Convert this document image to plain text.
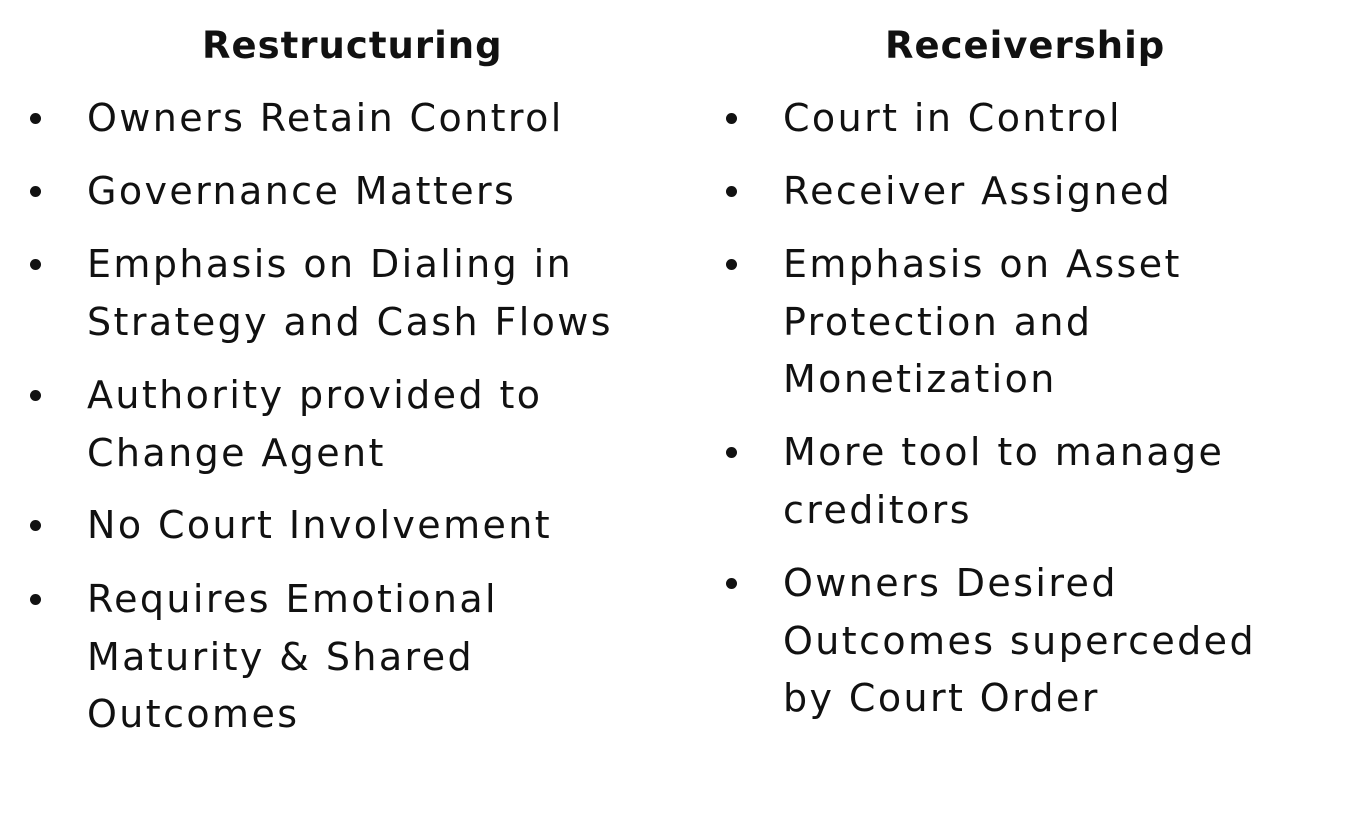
Restructuring
Owners Retain Control
Governance Matters
Emphasis on Dialing in
Strategy and Cash Flows
Authority provided to
Change Agent
No Court Involvement
Requires Emotional
Maturity & Shared
Outcomes
Receivership
Court in Control
Receiver Assigned
Emphasis on Asset
Protection and
Monetization
More tool to manage
creditors
Owners Desired
Outcomes superceded
by Court Order
